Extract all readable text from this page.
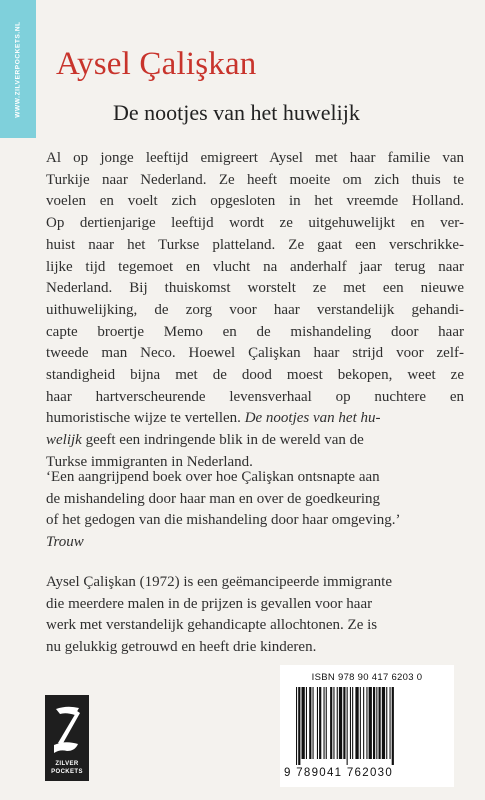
WWW.ZILVERPOCKETS.NL Aysel Çalişkan
De nootjes van het huwelijk
Al op jonge leeftijd emigreert Aysel met haar familie van
Turkije naar Nederland. Ze heeft moeite om zich thuis te
voelen en voelt zich opgesloten in het vreemde Holland.
Op dertienjarige leeftijd wordt ze uitgehuwelijkt en ver-
huist naar het Turkse platteland. Ze gaat een verschrikke-
lijke tijd tegemoet en vlucht na anderhalf jaar terug naar
Nederland. Bij thuiskomst worstelt ze met een nieuwe
uithuwelijking, de zorg voor haar verstandelijk gehandi-
capte broertje Memo en de mishandeling door haar
tweede man Neco. Hoewel Çalişkan haar strijd voor zelf-
standigheid bijna met de dood moest bekopen, weet ze
haar hartverscheurende levensverhaal op nuchtere en
humoristische wijze te vertellen. De nootjes van het hu-
welijk geeft een indringende blik in de wereld van de
Turkse immigranten in Nederland.
‘Een aangrijpend boek over hoe Çalişkan ontsnapte aan
de mishandeling door haar man en over de goedkeuring
of het gedogen van die mishandeling door haar omgeving.’
Trouw
Aysel Çalişkan (1972) is een geëmancipeerde immigrante
die meerdere malen in de prijzen is gevallen voor haar
werk met verstandelijk gehandicapte allochtonen. Ze is
nu gelukkig getrouwd en heeft drie kinderen.
ZILVER
POCKETS
ISBN 978 90 417 6203 0
9 789041 762030
